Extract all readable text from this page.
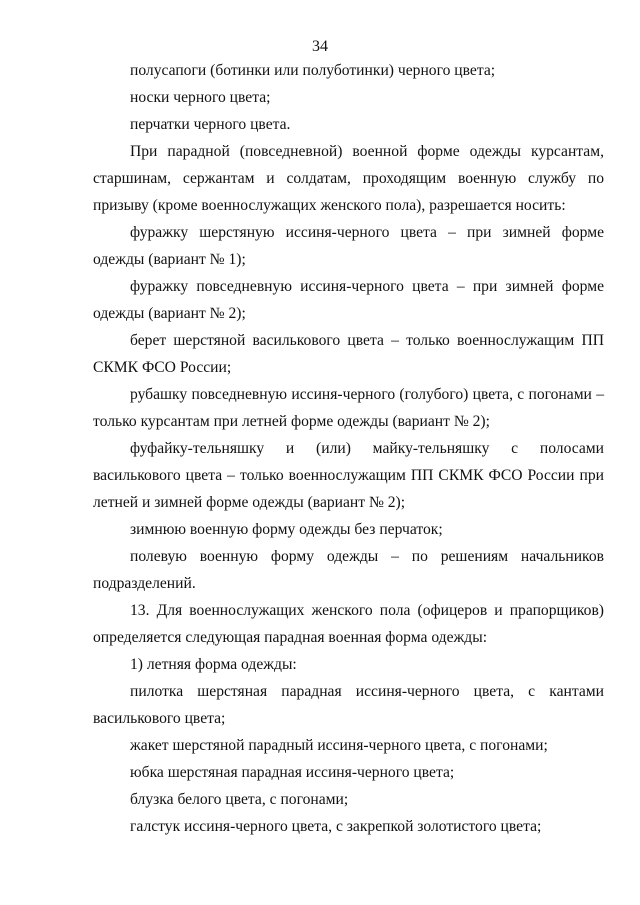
34

полусапоги (ботинки или полуботинки) черного цвета;

носки черного цвета;

перчатки черного цвета.

При парадной (повседневной) военной форме одежды курсантам, старшинам, сержантам и солдатам, проходящим военную службу по призыву (кроме военнослужащих женского пола), разрешается носить:

фуражку шерстяную иссиня-черного цвета – при зимней форме одежды (вариант № 1);

фуражку повседневную иссиня-черного цвета – при зимней форме одежды (вариант № 2);

берет шерстяной василькового цвета – только военнослужащим ПП СКМК ФСО России;

рубашку повседневную иссиня-черного (голубого) цвета, с погонами – только курсантам при летней форме одежды (вариант № 2);

фуфайку-тельняшку и (или) майку-тельняшку с полосами василькового цвета – только военнослужащим ПП СКМК ФСО России при летней и зимней форме одежды (вариант № 2);

зимнюю военную форму одежды без перчаток;

полевую военную форму одежды – по решениям начальников подразделений.

13. Для военнослужащих женского пола (офицеров и прапорщиков) определяется следующая парадная военная форма одежды:

1) летняя форма одежды:

пилотка шерстяная парадная иссиня-черного цвета, с кантами василькового цвета;

жакет шерстяной парадный иссиня-черного цвета, с погонами;

юбка шерстяная парадная иссиня-черного цвета;

блузка белого цвета, с погонами;

галстук иссиня-черного цвета, с закрепкой золотистого цвета;
